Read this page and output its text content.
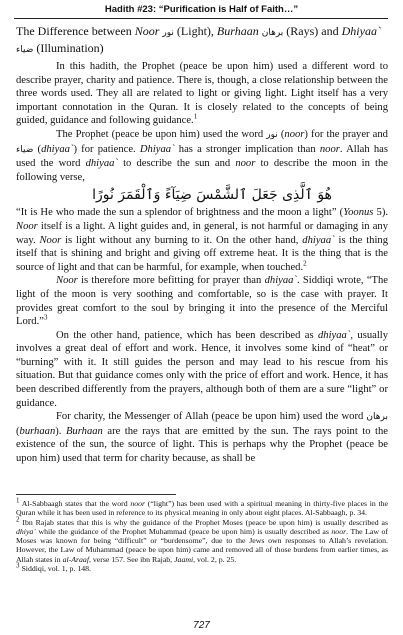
Hadith #23: “Purification is Half of Faith…”
The Difference between Noor نور (Light), Burhaan برهان (Rays) and Dhiyaa` ضياء (Illumination)

In this hadith, the Prophet (peace be upon him) used a different word to describe prayer, charity and patience. There is, though, a close relationship between the three words used. They all are related to light or giving light. Light itself has a very important connotation in the Quran. It is closely related to the concepts of being guided, guidance and following guidance.$^1$

The Prophet (peace be upon him) used the word نور (noor) for the prayer and ضياء (dhiyaa`) for patience. Dhiyaa` has a stronger implication than noor. Allah has used the word dhiyaa` to describe the sun and noor to describe the moon in the following verse,

هُوَ ٱلَّذِى جَعَلَ ٱلشَّمْسَ ضِيَآءً وَٱلْقَمَرَ نُورًا

“It is He who made the sun a splendor of brightness and the moon a light” (Yoonus 5). Noor itself is a light. A light guides and, in general, is not harmful or damaging in any way. Noor is light without any burning to it. On the other hand, dhiyaa` is the thing itself that is shining and bright and giving off extreme heat. It is the thing that is the source of light and that can be harmful, for example, when touched.$^2$

Noor is therefore more befitting for prayer than dhiyaa`. Siddiqi wrote, “The light of the moon is very soothing and comfortable, so is the case with prayer. It provides great comfort to the soul by bringing it into the presence of the Merciful Lord.”$^3$

On the other hand, patience, which has been described as dhiyaa`, usually involves a great deal of effort and work. Hence, it involves some kind of “heat” or “burning” with it. It still guides the person and may lead to his rescue from his situation. But that guidance comes only with the price of effort and work. Hence, it has been described differently from the prayers, although both of them are a sure “light” or guidance.

For charity, the Messenger of Allah (peace be upon him) used the word برهان (burhaan). Burhaan are the rays that are emitted by the sun. The rays point to the existence of the sun, the source of light. This is perhaps why the Prophet (peace be upon him) used that term for charity because, as shall be

$^1$ Al-Sabbaagh states that the word noor (“light”) has been used with a spiritual meaning in thirty-five places in the Quran while it has been used in reference to its physical meaning in only about eight places. Al-Sabbaagh, p. 34.

$^2$ Ibn Rajab states that this is why the guidance of the Prophet Moses (peace be upon him) is usually described as dhiya` while the guidance of the Prophet Muhammad (peace be upon him) is usually described as noor. The Law of Moses was known for being “difficult” or “burdensome”, due to the Jews own responses to Allah’s revelation. However, the Law of Muhammad (peace be upon him) came and removed all of those burdens from earlier times, as Allah states in al-Araaf, verse 157. See ibn Rajab, Jaami, vol. 2, p. 25.

$^3$ Siddiqi, vol. 1, p. 148.

727
